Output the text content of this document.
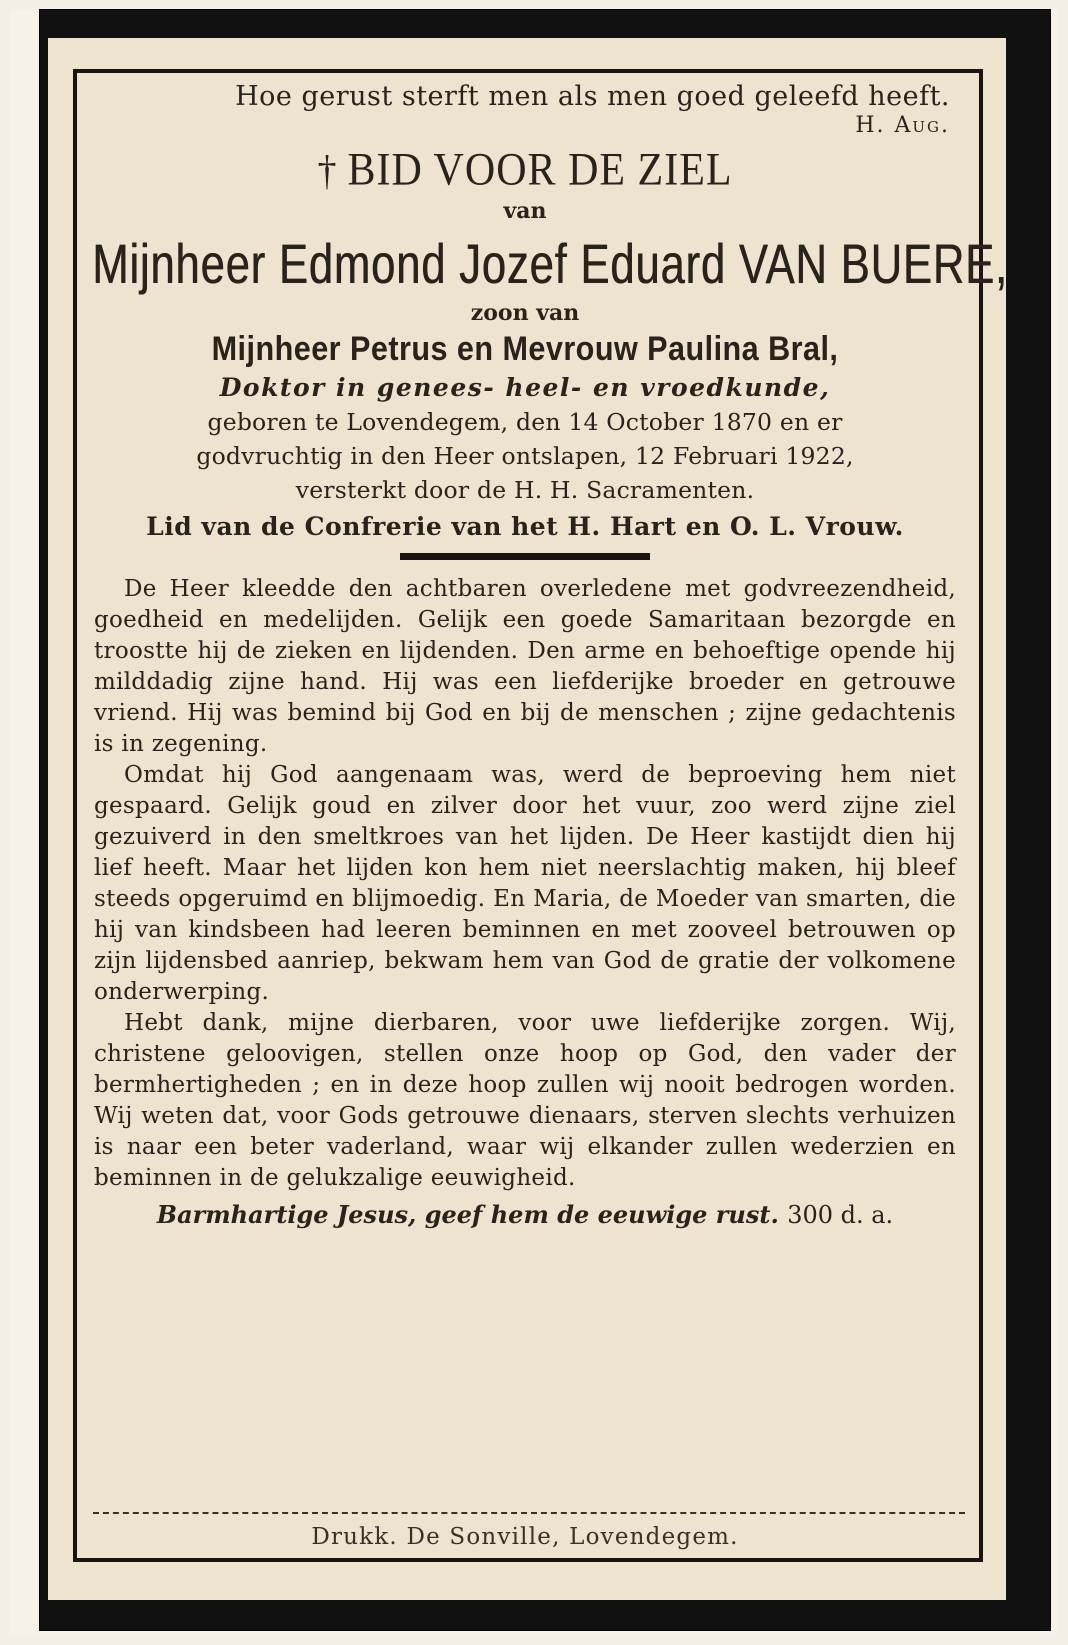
Hoe gerust sterft men als men goed geleefd heeft.
H. Aug.
† BID VOOR DE ZIEL
van
Mijnheer Edmond Jozef Eduard VAN BUERE,
zoon van
Mijnheer Petrus en Mevrouw Paulina Bral,
Doktor in genees- heel- en vroedkunde,
geboren te Lovendegem, den 14 October 1870 en er
godvruchtig in den Heer ontslapen, 12 Februari 1922,
versterkt door de H. H. Sacramenten.
Lid van de Confrerie van het H. Hart en O. L. Vrouw.

De Heer kleedde den achtbaren overledene met godvreezendheid, goedheid en medelijden. Gelijk een goede Samaritaan bezorgde en troostte hij de zieken en lijdenden. Den arme en behoeftige opende hij milddadig zijne hand. Hij was een liefderijke broeder en getrouwe vriend. Hij was bemind bij God en bij de menschen ; zijne gedachtenis is in zegening.

Omdat hij God aangenaam was, werd de beproeving hem niet gespaard. Gelijk goud en zilver door het vuur, zoo werd zijne ziel gezuiverd in den smeltkroes van het lijden. De Heer kastijdt dien hij lief heeft. Maar het lijden kon hem niet neerslachtig maken, hij bleef steeds opgeruimd en blijmoedig. En Maria, de Moeder van smarten, die hij van kindsbeen had leeren beminnen en met zooveel betrouwen op zijn lijdensbed aanriep, bekwam hem van God de gratie der volkomene onderwerping.

Hebt dank, mijne dierbaren, voor uwe liefderijke zorgen. Wij, christene geloovigen, stellen onze hoop op God, den vader der bermhertigheden ; en in deze hoop zullen wij nooit bedrogen worden. Wij weten dat, voor Gods getrouwe dienaars, sterven slechts verhuizen is naar een beter vaderland, waar wij elkander zullen wederzien en beminnen in de gelukzalige eeuwigheid.

Barmhartige Jesus, geef hem de eeuwige rust. 300 d. a.
Drukk. De Sonville, Lovendegem.
